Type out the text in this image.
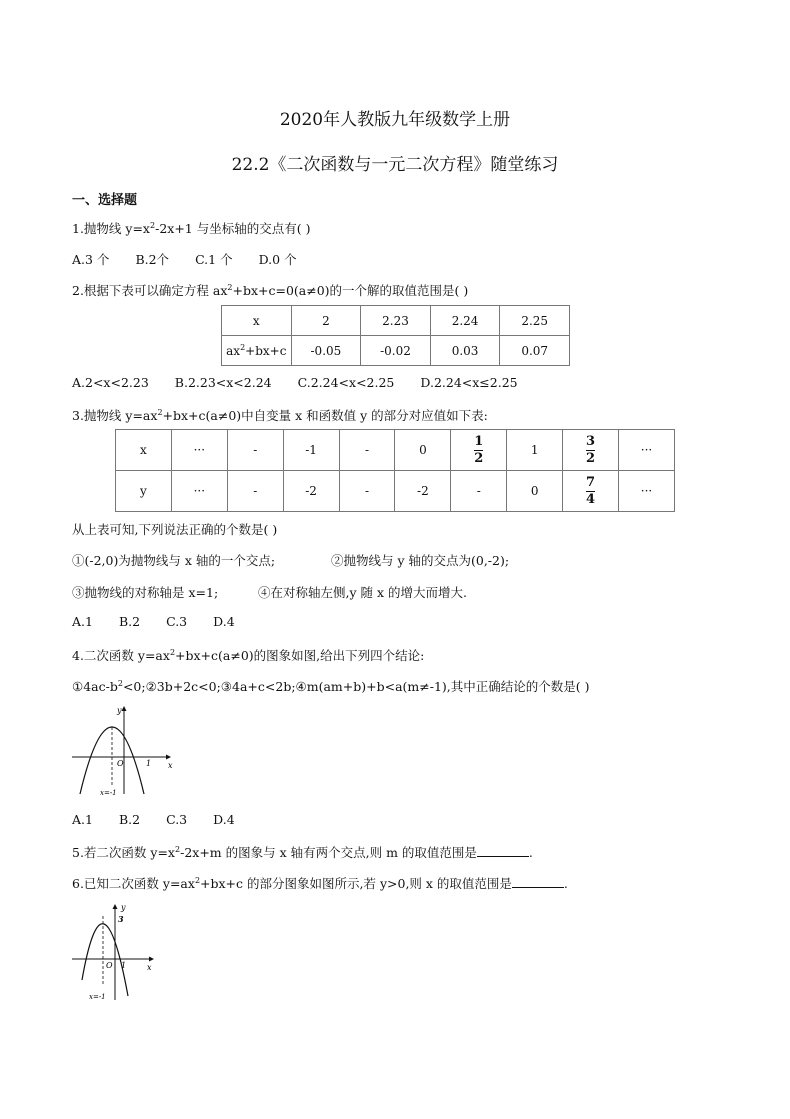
2020年人教版九年级数学上册
22.2《二次函数与一元二次方程》随堂练习
一、选择题
1.抛物线 $y=x^2-2x+1$ 与坐标轴的交点有( )
A.3 个 B.2个 C.1 个 D.0 个
2.根据下表可以确定方程 $ax^2+bx+c=0(a\ne 0)$的一个解的取值范围是( )
x	2	2.23	2.24	2.25
$ax^2+bx+c$	-0.05	-0.02	0.03	0.07
A.2<x<2.23 B.2.23<x<2.24 C.2.24<x<2.25 D.2.24<x≤2.25
3.抛物线 $y=ax^2+bx+c(a\ne 0)$中自变量 x 和函数值 y 的部分对应值如下表:
x	···	-	-1	-	0	$\frac{1}{2}$	1	$\frac{3}{2}$	···
y	···	-	-2	-	-2	-	0	$\frac{7}{4}$	···
从上表可知,下列说法正确的个数是( )
①(-2,0)为抛物线与 x 轴的一个交点;	②抛物线与 y 轴的交点为(0,-2);
③抛物线的对称轴是 x=1;	④在对称轴左侧,y 随 x 的增大而增大.
A.1 B.2 C.3 D.4
4.二次函数 $y=ax^2+bx+c(a\ne 0)$的图象如图,给出下列四个结论:
$①4ac-b^2<0;②3b+2c<0;③4a+c<2b;④m(am+b)+b<a(m\ne-1)$,其中正确结论的个数是( )
y
x
O	1
x=-1
A.1 B.2 C.3 D.4
5.若二次函数 $y=x^2-2x+m$ 的图象与 x 轴有两个交点,则 m 的取值范围是	.
6.已知二次函数 $y=ax^2+bx+c$ 的部分图象如图所示,若 y>0,则 x 的取值范围是	.
y
x
3
O 1
x=-1
